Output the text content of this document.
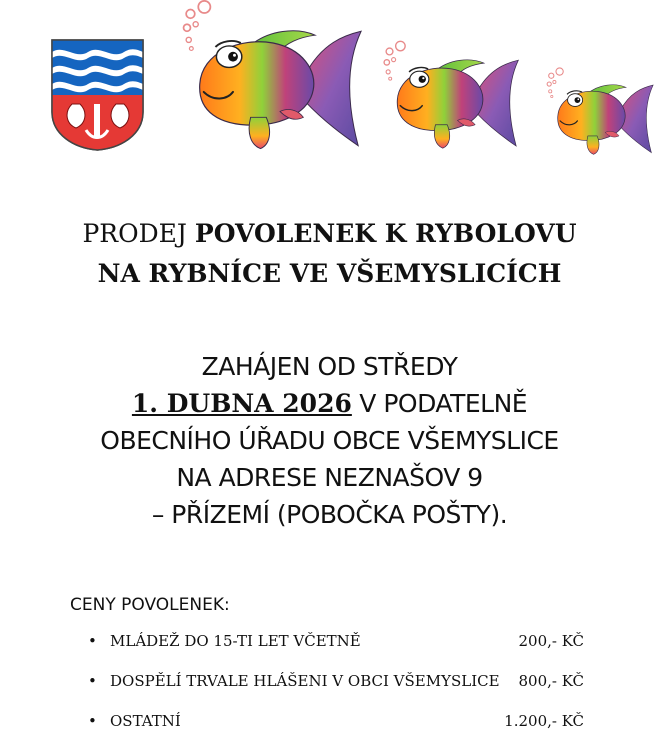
PRODEJ POVOLENEK K RYBOLOVU
NA RYBNÍCE VE VŠEMYSLICÍCH
ZAHÁJEN OD STŘEDY
1. DUBNA 2026 V PODATELNĚ
OBECNÍHO ÚŘADU OBCE VŠEMYSLICE
NA ADRESE NEZNAŠOV 9
– PŘÍZEMÍ (POBOČKA POŠTY).
CENY POVOLENEK:
• MLÁDEŽ DO 15-TI LET VČETNĚ	200,- KČ
• DOSPĚLÍ TRVALE HLÁŠENI V OBCI VŠEMYSLICE 800,- KČ
• OSTATNÍ	1.200,- KČ
